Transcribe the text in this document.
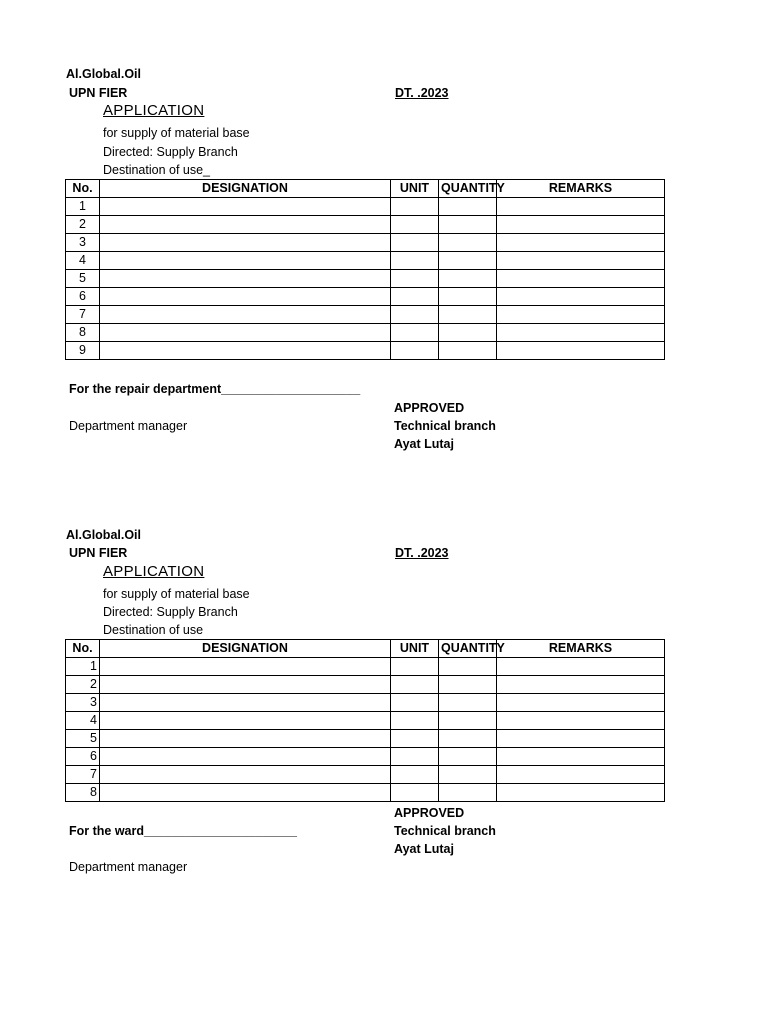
Al.Global.Oil
UPN FIER	DT. .2023
APPLICATION
for supply of material base
Directed: Supply Branch
Destination of use_
No.	DESIGNATION	UNIT	QUANTITY	REMARKS
1				
2				
3				
4				
5				
6				
7				
8				
9				
For the repair department____________________
APPROVED
Department manager	Technical branch
Ayat Lutaj
Al.Global.Oil
UPN FIER	DT. .2023
APPLICATION
for supply of material base
Directed: Supply Branch
Destination of use
No.	DESIGNATION	UNIT	QUANTITY	REMARKS
1				
2				
3				
4				
5				
6				
7				
8				
APPROVED
For the ward______________________	Technical branch
Ayat Lutaj
Department manager
